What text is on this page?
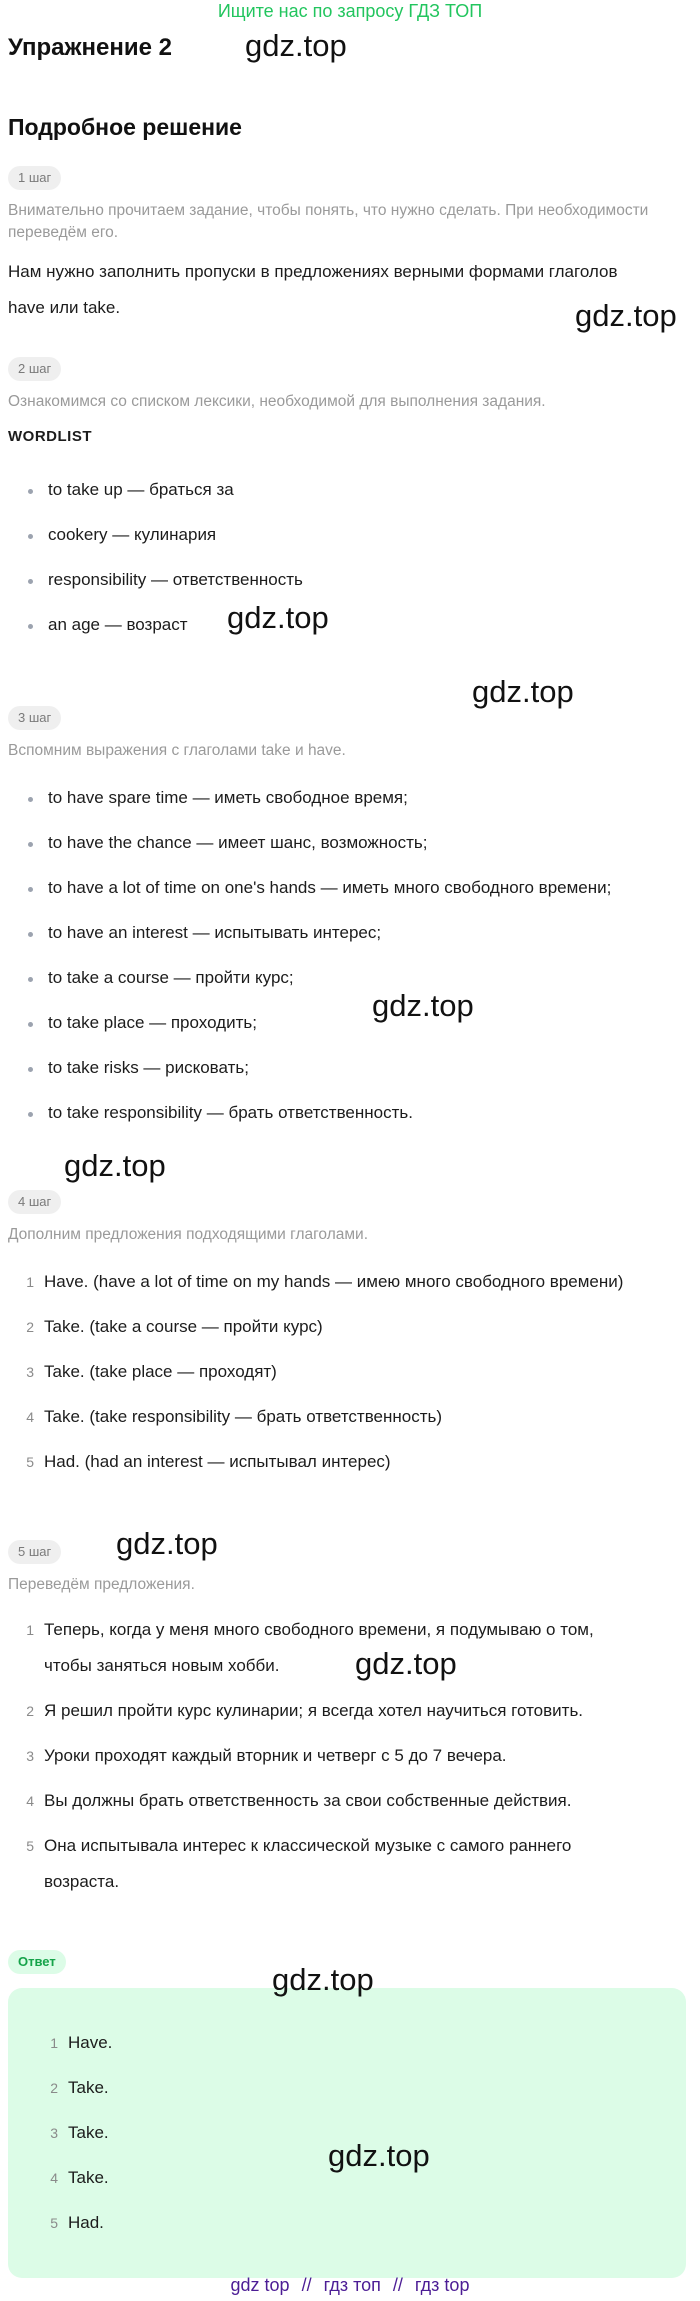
Ищите нас по запросу ГДЗ ТОП
Упражнение 2 gdz.top
Подробное решение
1 шаг
Внимательно прочитаем задание, чтобы понять, что нужно сделать. При необходимости переведём его.
Нам нужно заполнить пропуски в предложениях верными формами глаголов
have или take.	gdz.top
2 шаг
Ознакомимся со списком лексики, необходимой для выполнения задания.
WORDLIST
to take up — браться за
cookery — кулинария
responsibility — ответственность
an age — возраст	gdz.top
gdz.top
3 шаг
Вспомним выражения с глаголами take и have.
to have spare time — иметь свободное время;
to have the chance — имеет шанс, возможность;
to have a lot of time on one's hands — иметь много свободного времени;
to have an interest — испытывать интерес;
to take a course — пройти курс;
to take place — проходить;
to take risks — рисковать;
to take responsibility — брать ответственность.
gdz.top
gdz.top
4 шаг
Дополним предложения подходящими глаголами.
1 Have. (have a lot of time on my hands — имею много свободного времени)
2 Take. (take a course — пройти курс)
3 Take. (take place — проходят)
4 Take. (take responsibility — брать ответственность)
5 Had. (had an interest — испытывал интерес)
5 шаг	gdz.top
Переведём предложения.
1 Теперь, когда у меня много свободного времени, я подумываю о том,
чтобы заняться новым хобби.
2 Я решил пройти курс кулинарии; я всегда хотел научиться готовить.
3 Уроки проходят каждый вторник и четверг с 5 до 7 вечера.
4 Вы должны брать ответственность за свои собственные действия.
5 Она испытывала интерес к классической музыке с самого раннего
возраста.
gdz.top
Ответ
gdz.top
1 Have.
2 Take.
3 Take.
4 Take.
5 Had.
gdz.top
gdz top // гдз топ // гдз top
